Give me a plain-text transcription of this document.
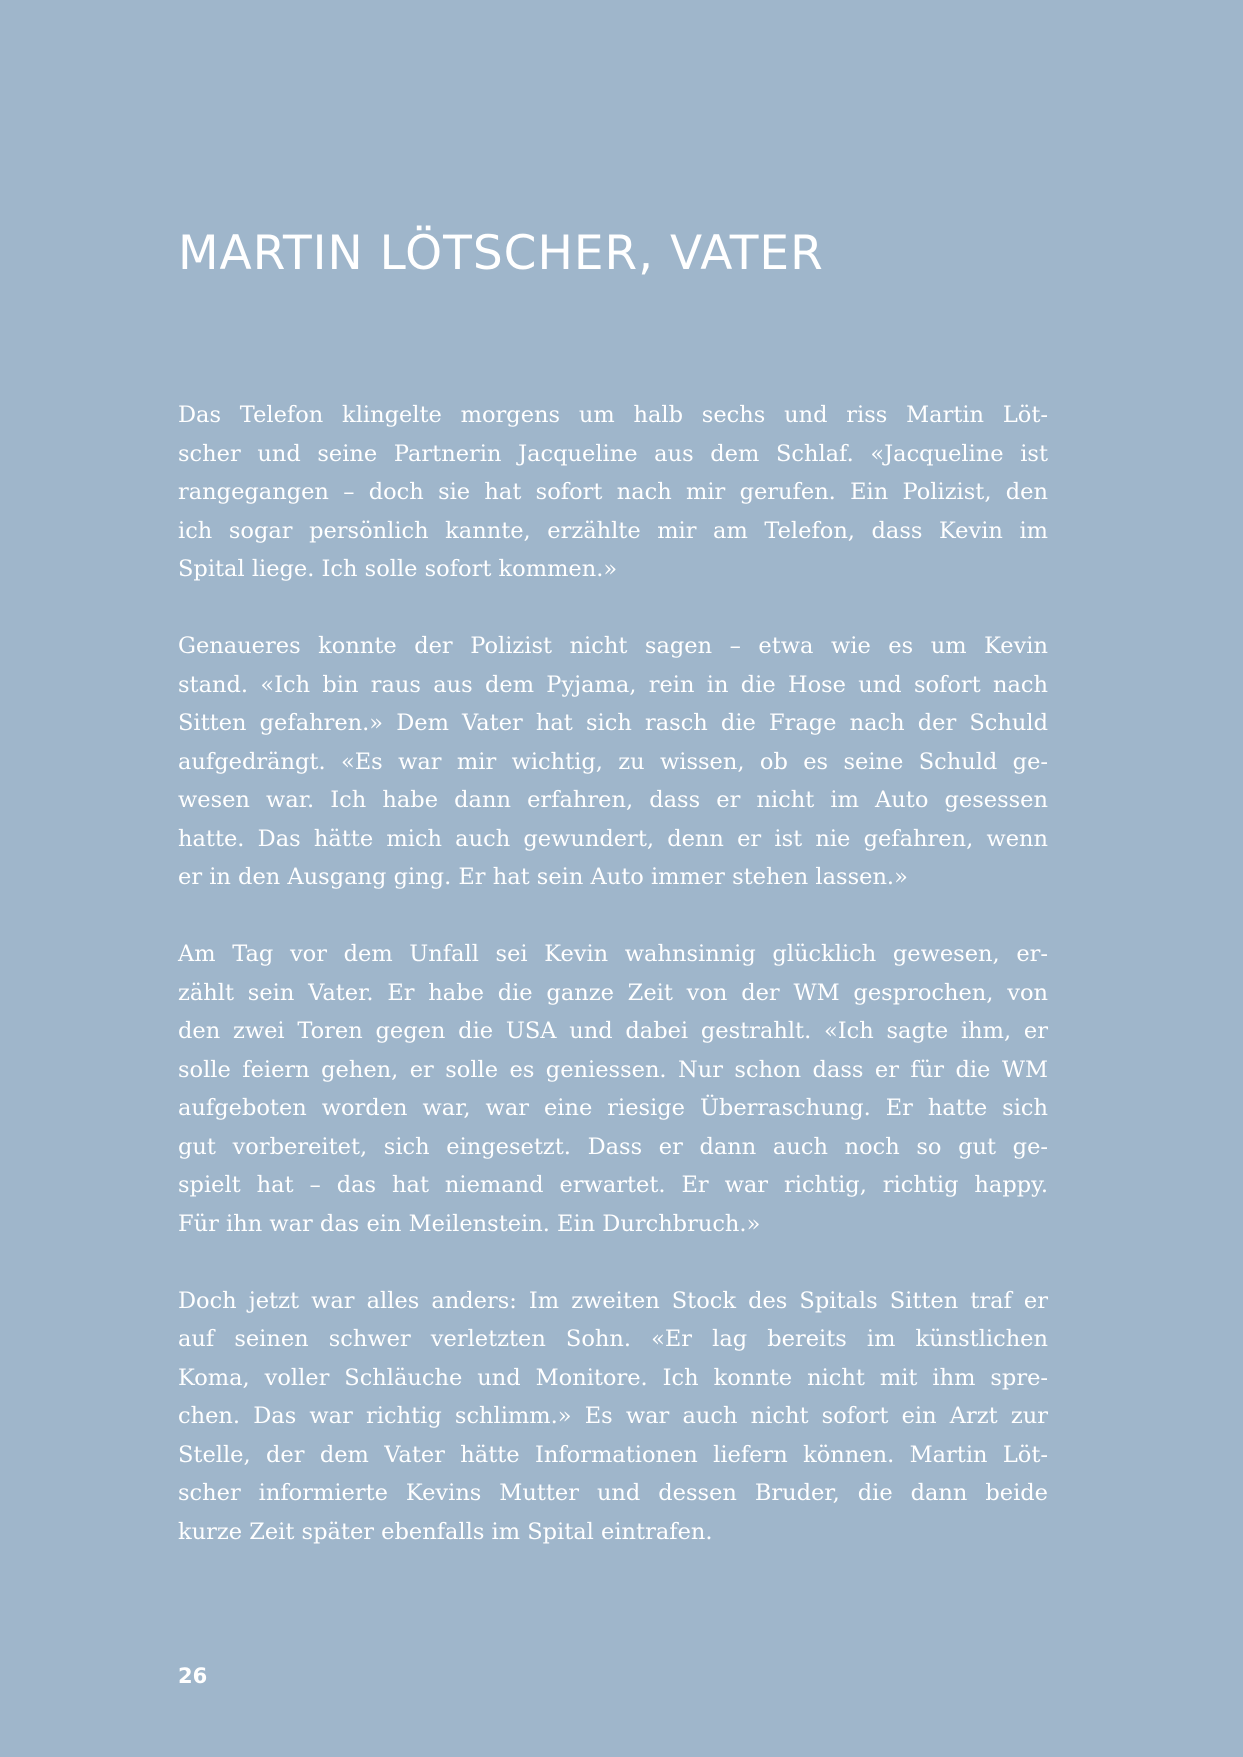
MARTIN LÖTSCHER, VATER

Das Telefon klingelte morgens um halb sechs und riss Martin Löt-
scher und seine Partnerin Jacqueline aus dem Schlaf. «Jacqueline ist
rangegangen – doch sie hat sofort nach mir gerufen. Ein Polizist, den
ich sogar persönlich kannte, erzählte mir am Telefon, dass Kevin im
Spital liege. Ich solle sofort kommen.»

Genaueres konnte der Polizist nicht sagen – etwa wie es um Kevin
stand. «Ich bin raus aus dem Pyjama, rein in die Hose und sofort nach
Sitten gefahren.» Dem Vater hat sich rasch die Frage nach der Schuld
aufgedrängt. «Es war mir wichtig, zu wissen, ob es seine Schuld ge-
wesen war. Ich habe dann erfahren, dass er nicht im Auto gesessen
hatte. Das hätte mich auch gewundert, denn er ist nie gefahren, wenn
er in den Ausgang ging. Er hat sein Auto immer stehen lassen.»

Am Tag vor dem Unfall sei Kevin wahnsinnig glücklich gewesen, er-
zählt sein Vater. Er habe die ganze Zeit von der WM gesprochen, von
den zwei Toren gegen die USA und dabei gestrahlt. «Ich sagte ihm, er
solle feiern gehen, er solle es geniessen. Nur schon dass er für die WM
aufgeboten worden war, war eine riesige Überraschung. Er hatte sich
gut vorbereitet, sich eingesetzt. Dass er dann auch noch so gut ge-
spielt hat – das hat niemand erwartet. Er war richtig, richtig happy.
Für ihn war das ein Meilenstein. Ein Durchbruch.»

Doch jetzt war alles anders: Im zweiten Stock des Spitals Sitten traf er
auf seinen schwer verletzten Sohn. «Er lag bereits im künstlichen
Koma, voller Schläuche und Monitore. Ich konnte nicht mit ihm spre-
chen. Das war richtig schlimm.» Es war auch nicht sofort ein Arzt zur
Stelle, der dem Vater hätte Informationen liefern können. Martin Löt-
scher informierte Kevins Mutter und dessen Bruder, die dann beide
kurze Zeit später ebenfalls im Spital eintrafen.

26
